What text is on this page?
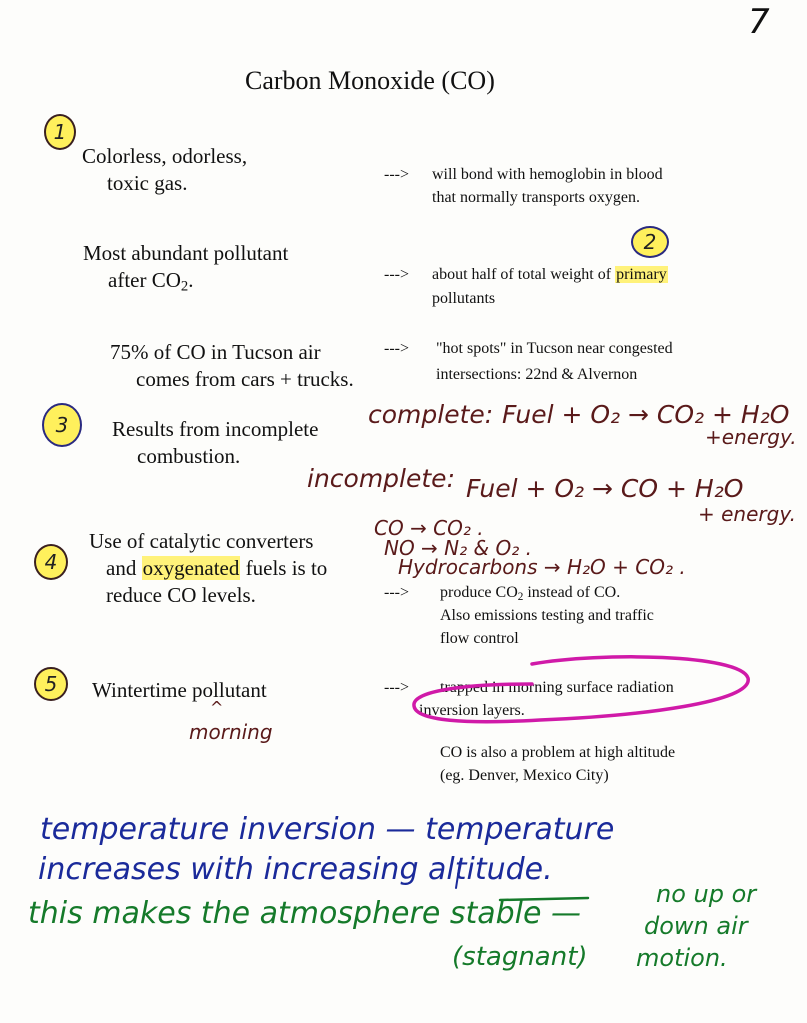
7
Carbon Monoxide (CO)
1
2
3
4
5
Colorless, odorless,
toxic gas.	---> will bond with hemoglobin in blood
that normally transports oxygen.
Most abundant pollutant
after $CO_2$.	---> about half of total weight of primary
pollutants
75% of CO in Tucson air
comes from cars + trucks.
---> "hot spots" in Tucson near congested
intersections: 22nd & Alvernon
Results from incomplete
combustion.
complete: Fuel + O₂ → CO₂ + H₂O
+energy.
incomplete: Fuel + O₂ → CO + H₂O
+ energy.
Use of catalytic converters
and oxygenated fuels is to
reduce CO levels.
CO → CO₂ .
NO → N₂ & O₂ .
Hydrocarbons → H₂O + CO₂ .
---> produce $CO_2$ instead of CO.
Also emissions testing and traffic
flow control
Wintertime pollutant
^
morning
---> trapped in morning surface radiation
inversion layers.
CO is also a problem at high altitude
(eg. Denver, Mexico City)
temperature inversion — temperature
increases with increasing altitude.
this makes the atmosphere stable —
(stagnant)
no up or
down air
motion.
